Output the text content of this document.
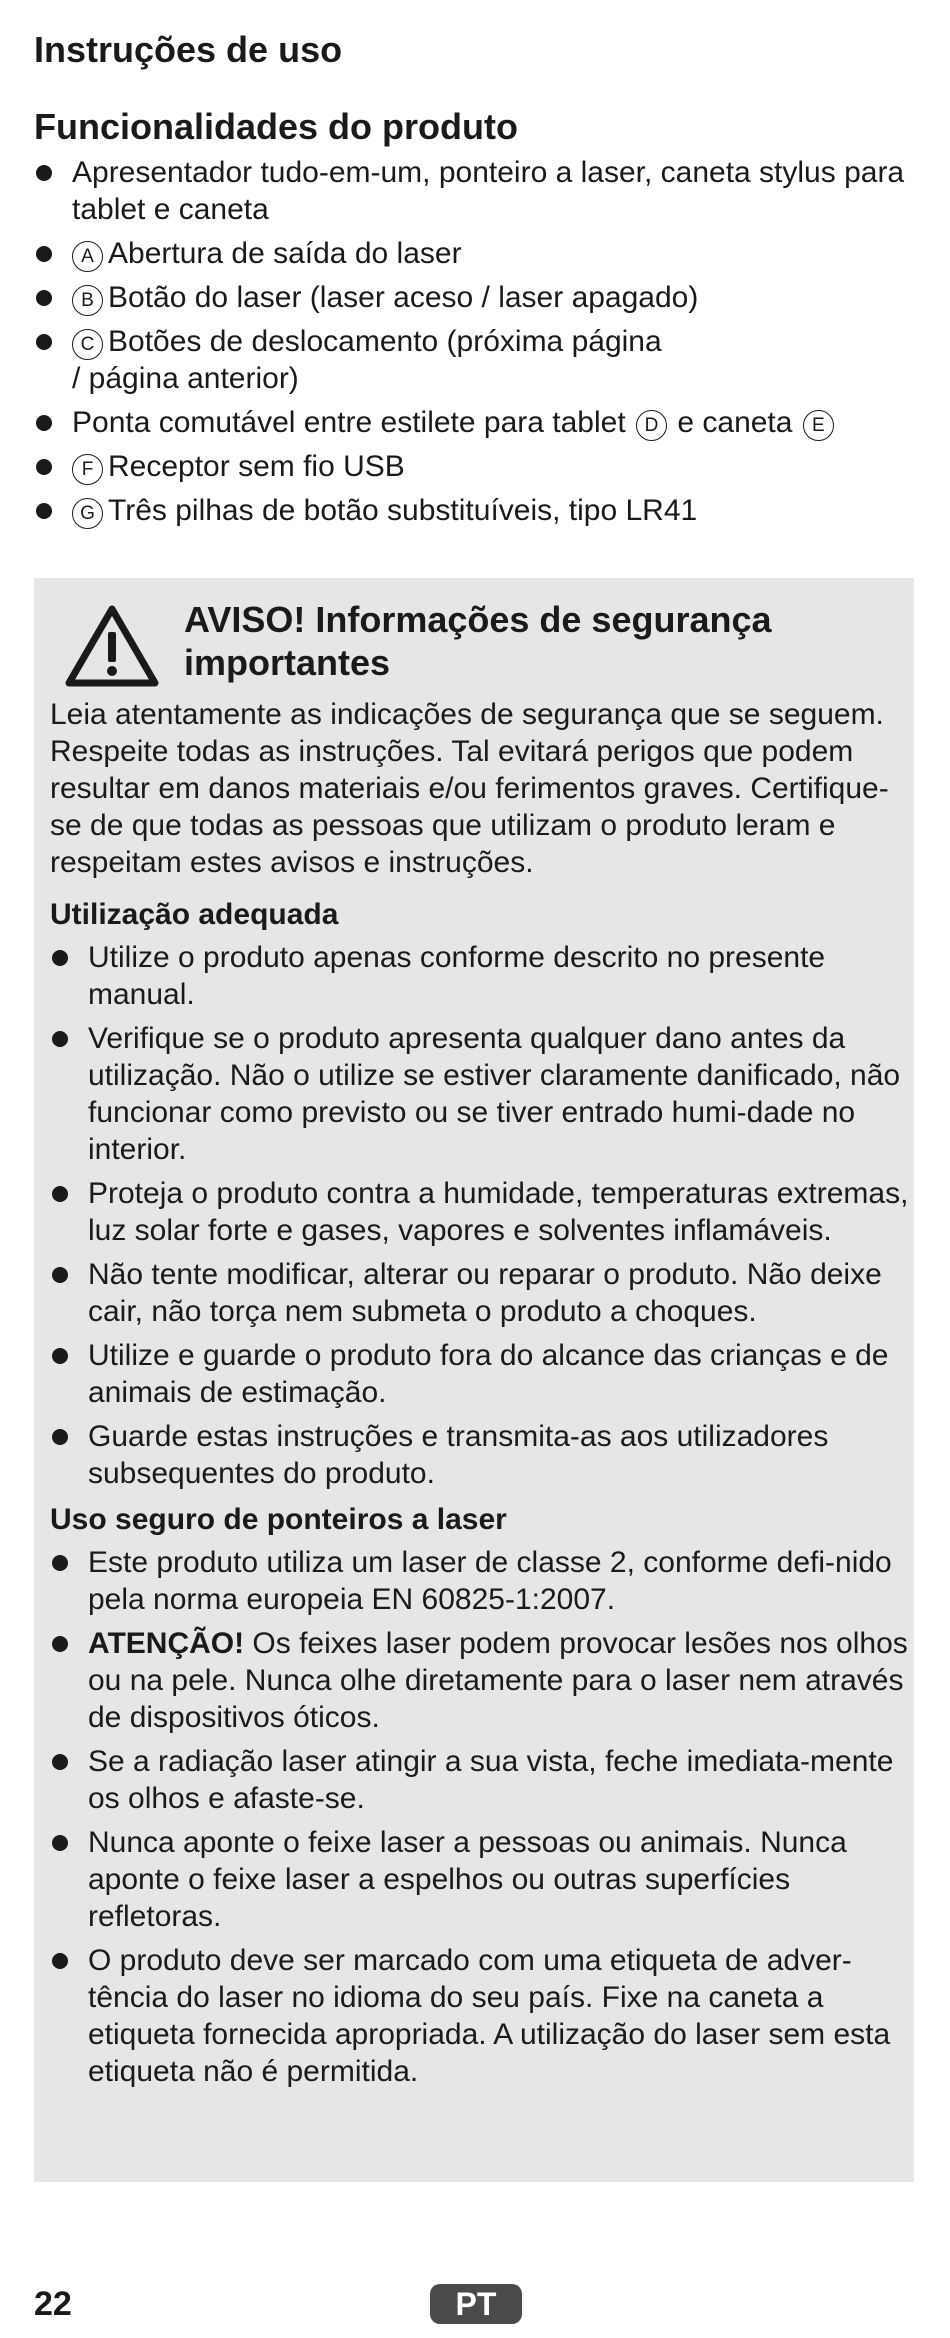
Instruções de uso
Funcionalidades do produto
Apresentador tudo-em-um, ponteiro a laser, caneta stylus para tablet e caneta
A Abertura de saída do laser
B Botão do laser (laser aceso / laser apagado)
C Botões de deslocamento (próxima página / página anterior)
Ponta comutável entre estilete para tablet D e caneta E
F Receptor sem fio USB
G Três pilhas de botão substituíveis, tipo LR41
AVISO! Informações de segurança importantes

Leia atentamente as indicações de segurança que se seguem. Respeite todas as instruções. Tal evitará perigos que podem resultar em danos materiais e/ou ferimentos graves. Certifique-se de que todas as pessoas que utilizam o produto leram e respeitam estes avisos e instruções.

Utilização adequada
Utilize o produto apenas conforme descrito no presente manual.
Verifique se o produto apresenta qualquer dano antes da utilização. Não o utilize se estiver claramente danificado, não funcionar como previsto ou se tiver entrado humi-dade no interior.
Proteja o produto contra a humidade, temperaturas extremas, luz solar forte e gases, vapores e solventes inflamáveis.
Não tente modificar, alterar ou reparar o produto. Não deixe cair, não torça nem submeta o produto a choques.
Utilize e guarde o produto fora do alcance das crianças e de animais de estimação.
Guarde estas instruções e transmita-as aos utilizadores subsequentes do produto.
Uso seguro de ponteiros a laser
Este produto utiliza um laser de classe 2, conforme defi-nido pela norma europeia EN 60825-1:2007.
ATENÇÃO! Os feixes laser podem provocar lesões nos olhos ou na pele. Nunca olhe diretamente para o laser nem através de dispositivos óticos.
Se a radiação laser atingir a sua vista, feche imediata-mente os olhos e afaste-se.
Nunca aponte o feixe laser a pessoas ou animais. Nunca aponte o feixe laser a espelhos ou outras superfícies refletoras.
O produto deve ser marcado com uma etiqueta de adver-tência do laser no idioma do seu país. Fixe na caneta a etiqueta fornecida apropriada. A utilização do laser sem esta etiqueta não é permitida.
22	PT
